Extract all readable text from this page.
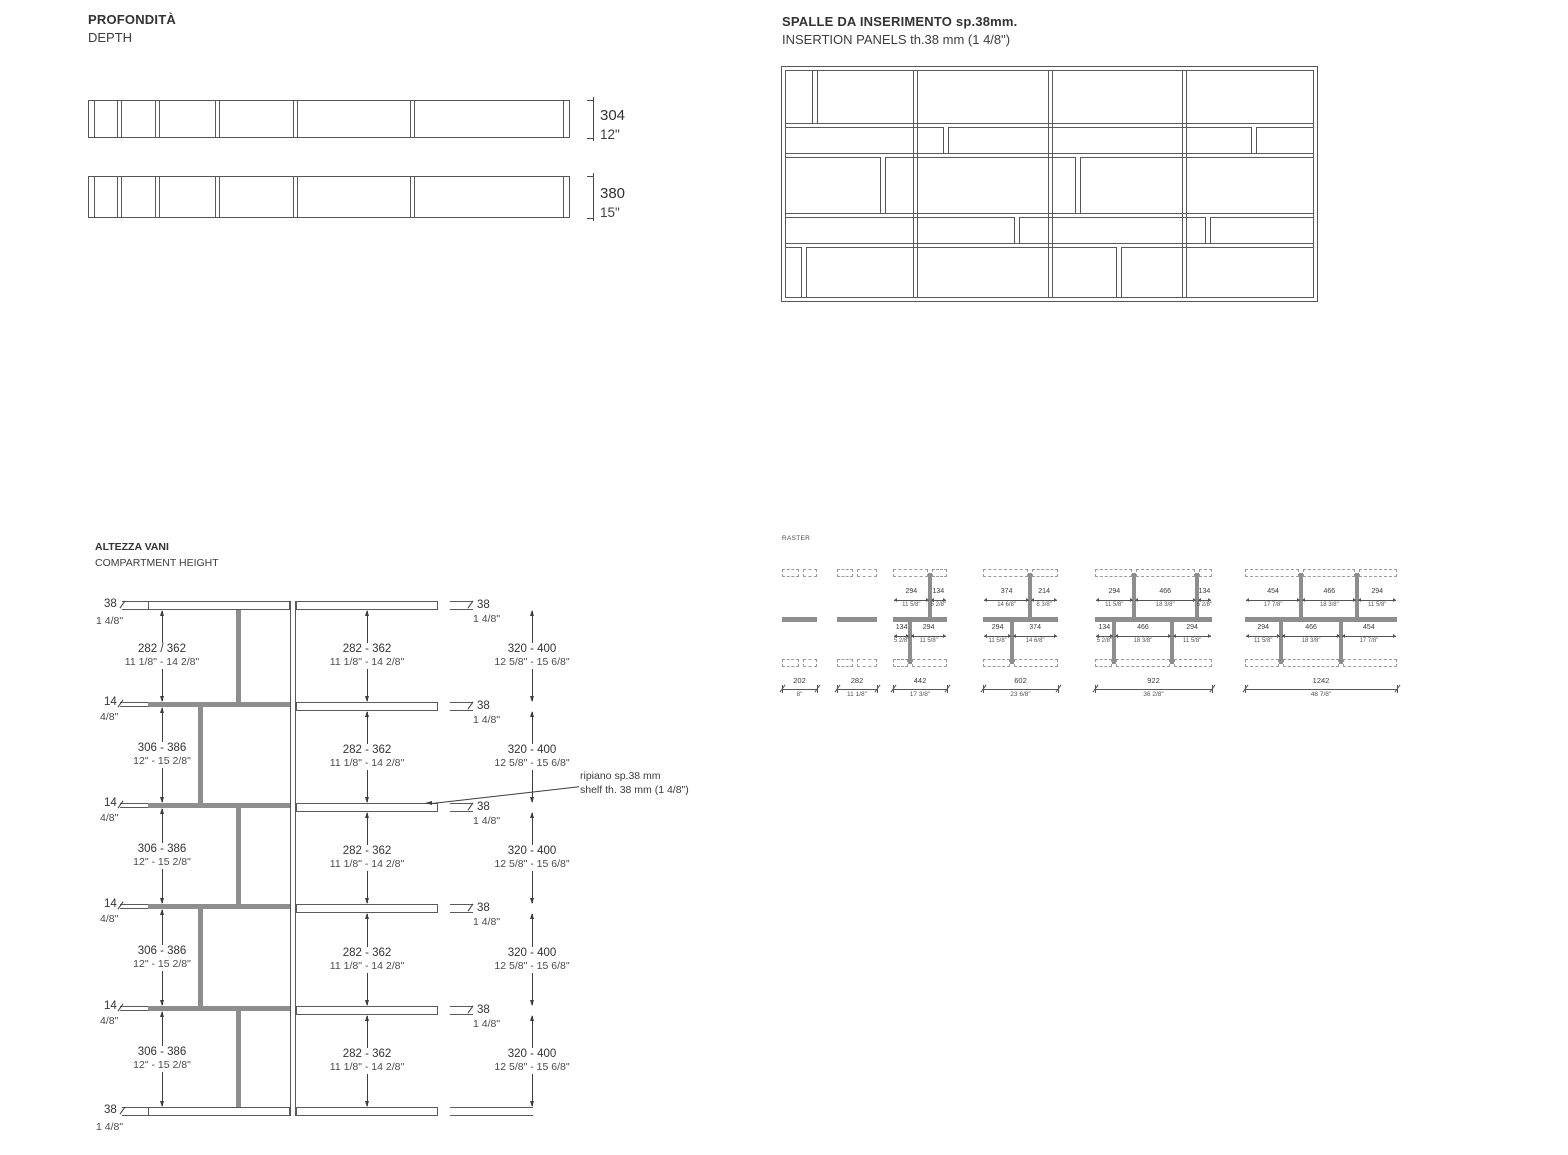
PROFONDITÀ
DEPTH
SPALLE DA INSERIMENTO sp.38mm.
INSERTION PANELS th.38 mm (1 4/8")
ALTEZZA VANI
COMPARTMENT HEIGHT
RASTER
ripiano sp.38 mm
shelf th. 38 mm (1 4/8")
304
12"
380
15"
282 / 362
11 1/8" - 14 2/8"
282 - 362
11 1/8" - 14 2/8"
320 - 400
12 5/8" - 15 6/8"
306 - 386
12" - 15 2/8"
282 - 362
11 1/8" - 14 2/8"
320 - 400
12 5/8" - 15 6/8"
306 - 386
12" - 15 2/8"
282 - 362
11 1/8" - 14 2/8"
320 - 400
12 5/8" - 15 6/8"
306 - 386
12" - 15 2/8"
282 - 362
11 1/8" - 14 2/8"
320 - 400
12 5/8" - 15 6/8"
306 - 386
12" - 15 2/8"
282 - 362
11 1/8" - 14 2/8"
320 - 400
12 5/8" - 15 6/8"
38
1 4/8"
38
1 4/8"
14
4/8"
14
4/8"
14
4/8"
14
4/8"
38
1 4/8"
38
1 4/8"
38
1 4/8"
38
1 4/8"
38
1 4/8"
202
8"
282
11 1/8"
294
11 5/8"
134
5 2/8"
134
5 2/8"
294
11 5/8"
442
17 3/8"
374
14 6/8"
214
8 3/8"
294
11 5/8"
374
14 6/8"
602
23 6/8"
294
11 5/8"
466
18 3/8"
134
5 2/8"
134
5 2/8"
466
18 3/8"
294
11 5/8"
922
36 2/8"
454
17 7/8"
466
18 3/8"
294
11 5/8"
294
11 5/8"
466
18 3/8"
454
17 7/8"
1242
48 7/8"
